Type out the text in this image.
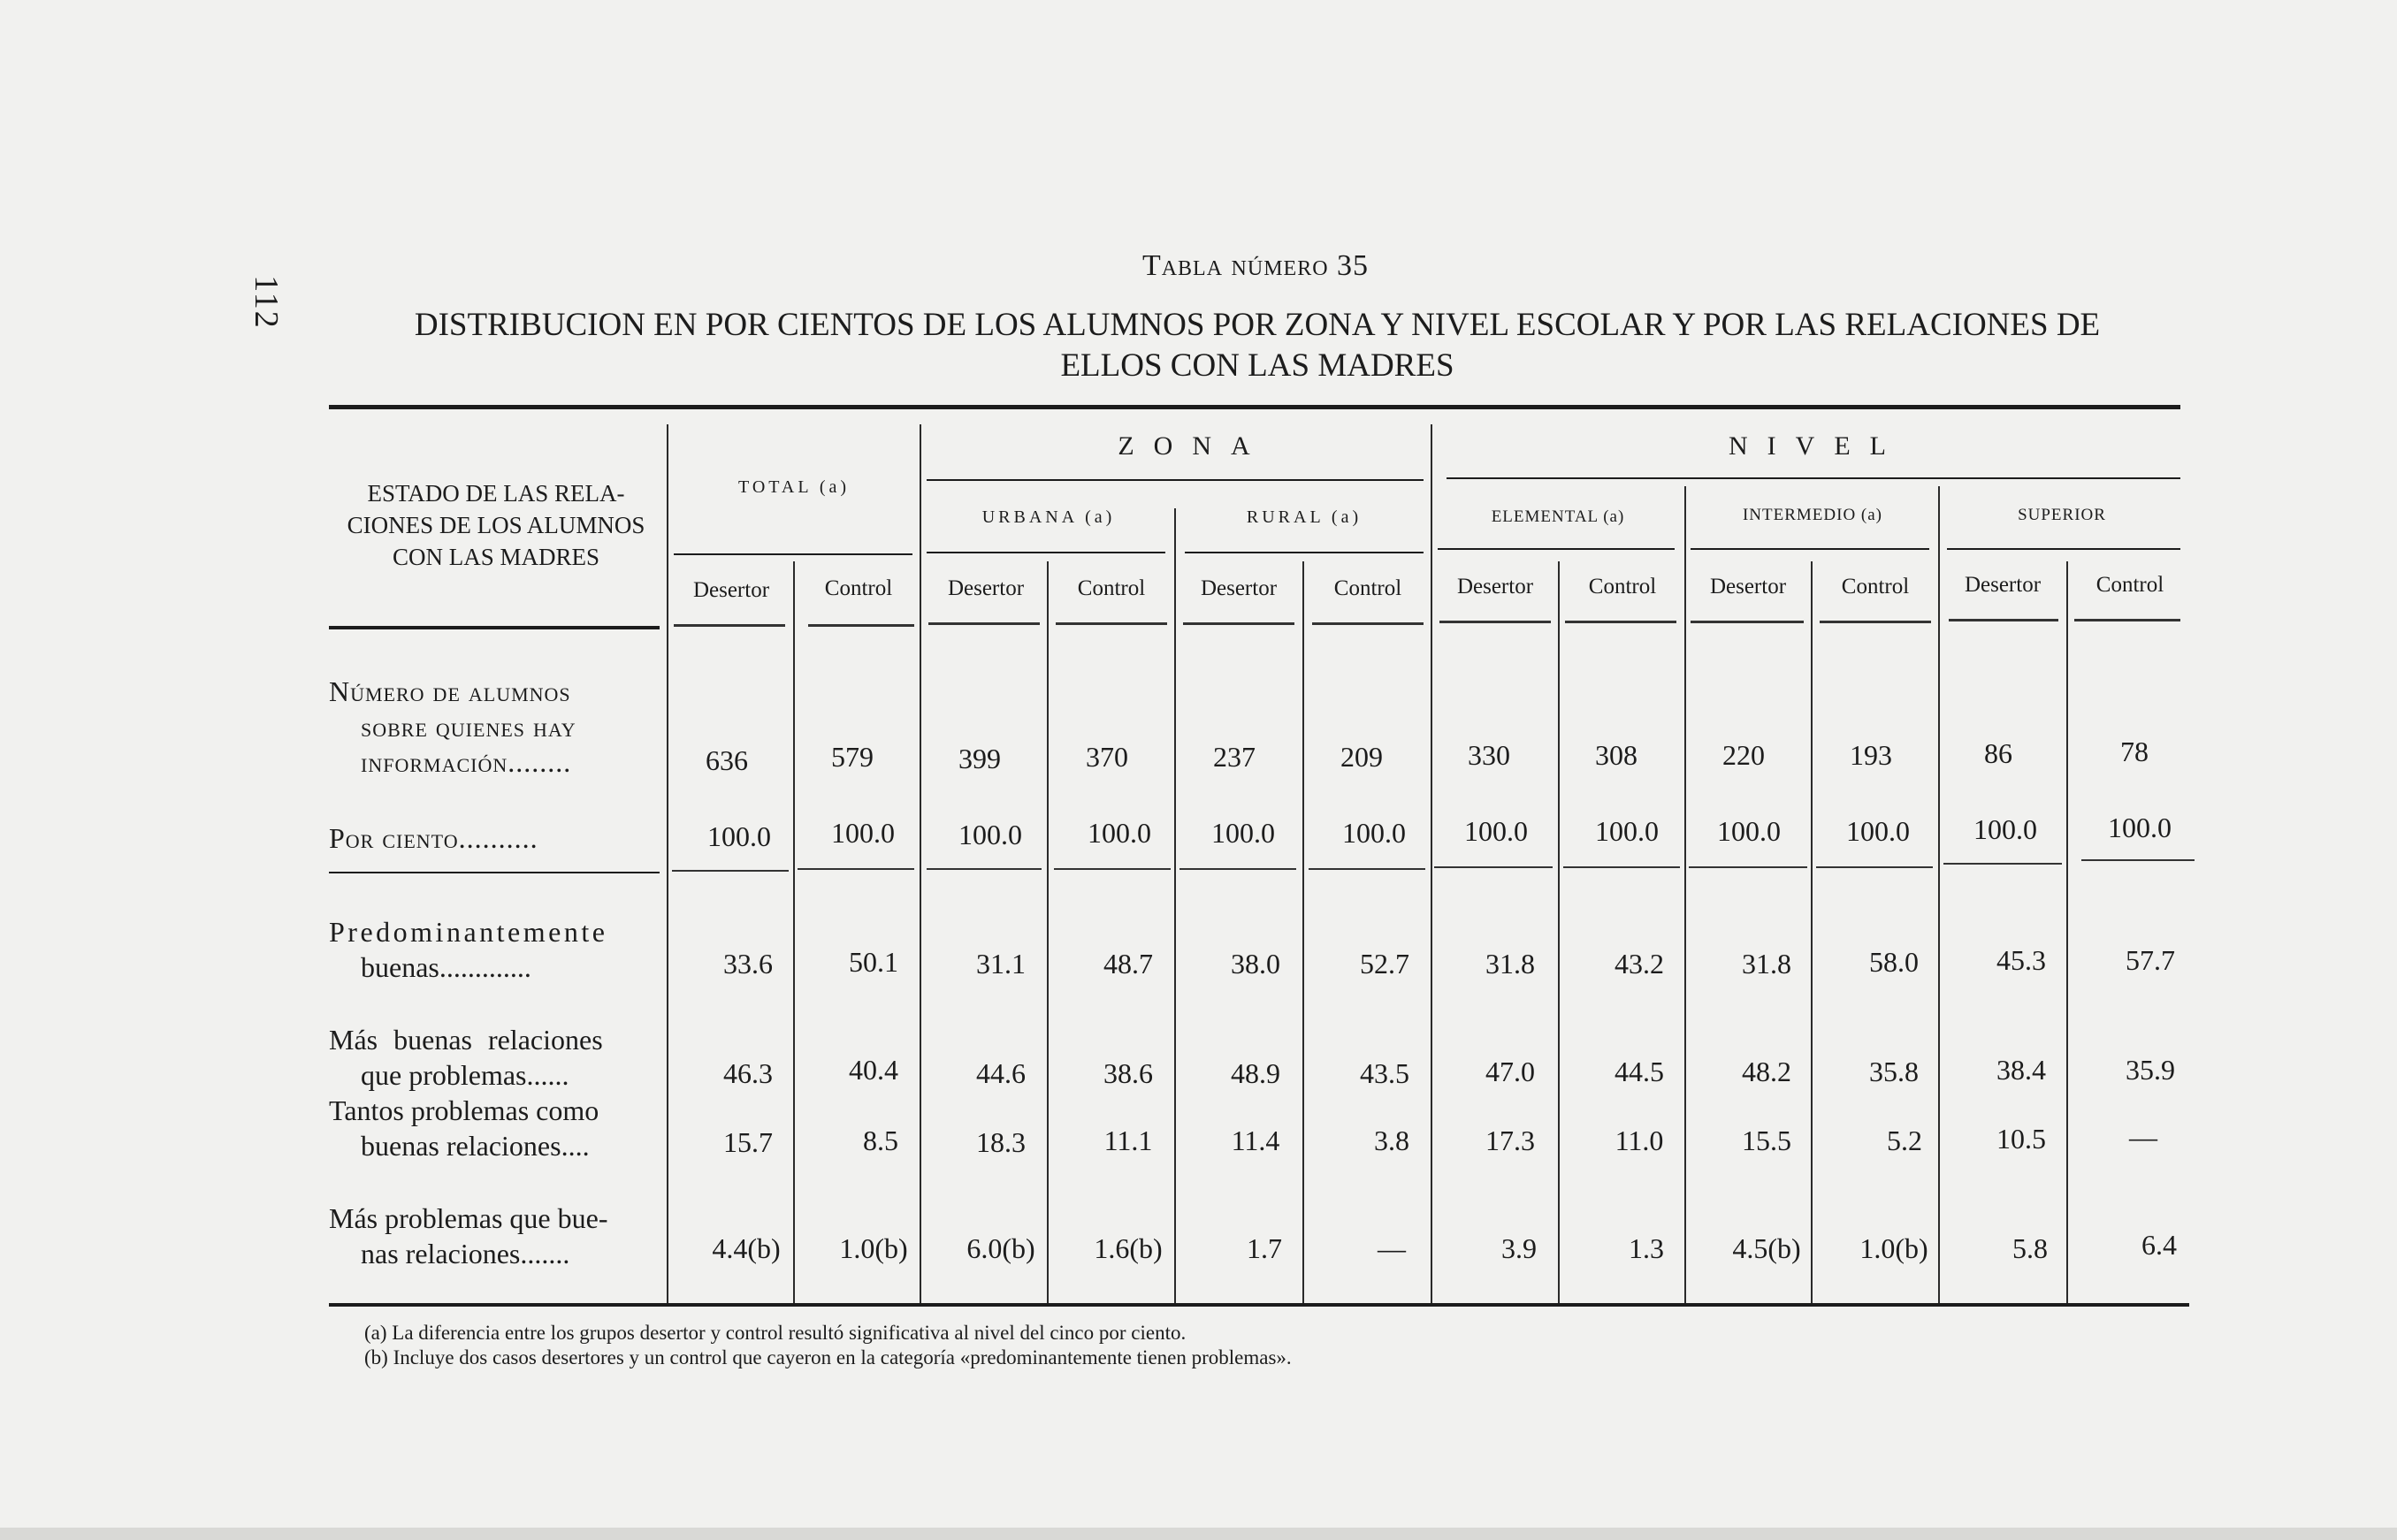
112
Tabla número 35
DISTRIBUCION EN POR CIENTOS DE LOS ALUMNOS POR ZONA Y NIVEL ESCOLAR Y POR LAS RELACIONES DE
ELLOS CON LAS MADRES
ESTADO DE LAS RELA-
CIONES DE LOS ALUMNOS
CON LAS MADRES
ZONA	NIVEL
TOTAL (a)
URBANA (a)	RURAL (a)	ELEMENTAL (a)	INTERMEDIO (a)	SUPERIOR
Desertor	Control	Desertor	Control	Desertor	Control	Desertor	Control	Desertor	Control	Desertor	Control
Número de alumnos
sobre quienes hay
información........	636	579	399	370	237	209	330	308	220	193	86	78
Por ciento..........	100.0	100.0	100.0	100.0	100.0	100.0	100.0	100.0	100.0	100.0	100.0	100.0
Predominantemente
buenas.............	33.6	50.1	31.1	48.7	38.0	52.7	31.8	43.2	31.8	58.0	45.3	57.7
Más buenas relaciones
que problemas......	46.3	40.4	44.6	38.6	48.9	43.5	47.0	44.5	48.2	35.8	38.4	35.9
Tantos problemas como
buenas relaciones....	15.7	8.5	18.3	11.1	11.4	3.8	17.3	11.0	15.5	5.2	10.5	—
Más problemas que bue-
nas relaciones.......	4.4(b)	1.0(b)	6.0(b)	1.6(b)	1.7	—	3.9	1.3	4.5(b)	1.0(b)	5.8	6.4
(a) La diferencia entre los grupos desertor y control resultó significativa al nivel del cinco por ciento.
(b) Incluye dos casos desertores y un control que cayeron en la categoría «predominantemente tienen problemas».
